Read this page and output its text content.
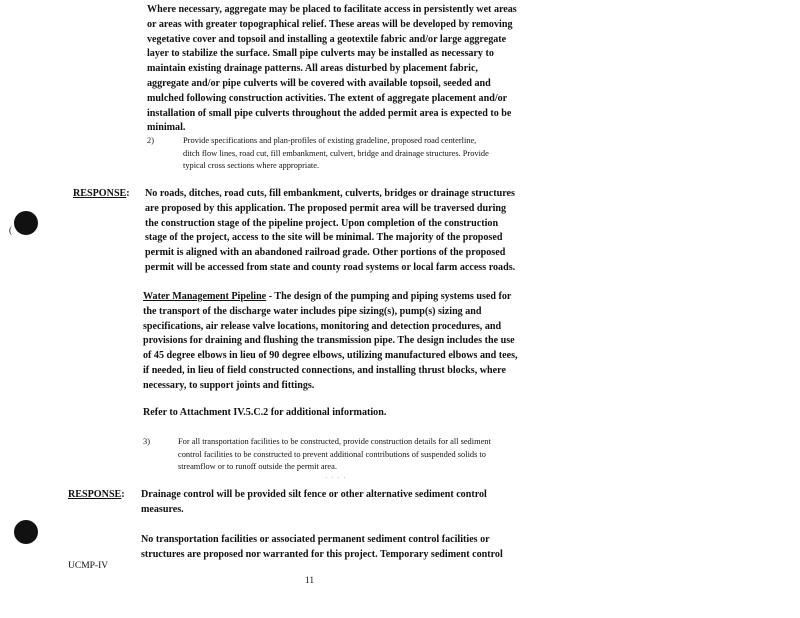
Where necessary, aggregate may be placed to facilitate access in persistently wet areas
or areas with greater topographical relief. These areas will be developed by removing
vegetative cover and topsoil and installing a geotextile fabric and/or large aggregate
layer to stabilize the surface. Small pipe culverts may be installed as necessary to
maintain existing drainage patterns. All areas disturbed by placement fabric,
aggregate and/or pipe culverts will be covered with available topsoil, seeded and
mulched following construction activities. The extent of aggregate placement and/or
installation of small pipe culverts throughout the added permit area is expected to be
minimal.
2)	Provide specifications and plan-profiles of existing gradeline, proposed road centerline,
ditch flow lines, road cut, fill embankment, culvert, bridge and drainage structures. Provide
typical cross sections where appropriate.
RESPONSE:
(
No roads, ditches, road cuts, fill embankment, culverts, bridges or drainage structures
are proposed by this application. The proposed permit area will be traversed during
the construction stage of the pipeline project. Upon completion of the construction
stage of the project, access to the site will be minimal. The majority of the proposed
permit is aligned with an abandoned railroad grade. Other portions of the proposed
permit will be accessed from state and county road systems or local farm access roads.
Water Management Pipeline - The design of the pumping and piping systems used for
the transport of the discharge water includes pipe sizing(s), pump(s) sizing and
specifications, air release valve locations, monitoring and detection procedures, and
provisions for draining and flushing the transmission pipe. The design includes the use
of 45 degree elbows in lieu of 90 degree elbows, utilizing manufactured elbows and tees,
if needed, in lieu of field constructed connections, and installing thrust blocks, where
necessary, to support joints and fittings.
Refer to Attachment IV.5.C.2 for additional information.
3)	For all transportation facilities to be constructed, provide construction details for all sediment
control facilities to be constructed to prevent additional contributions of suspended solids to
streamflow or to runoff outside the permit area.
· · · ·
RESPONSE: Drainage control will be provided silt fence or other alternative sediment control
measures.
No transportation facilities or associated permanent sediment control facilities or
structures are proposed nor warranted for this project. Temporary sediment control
UCMP-IV
11
